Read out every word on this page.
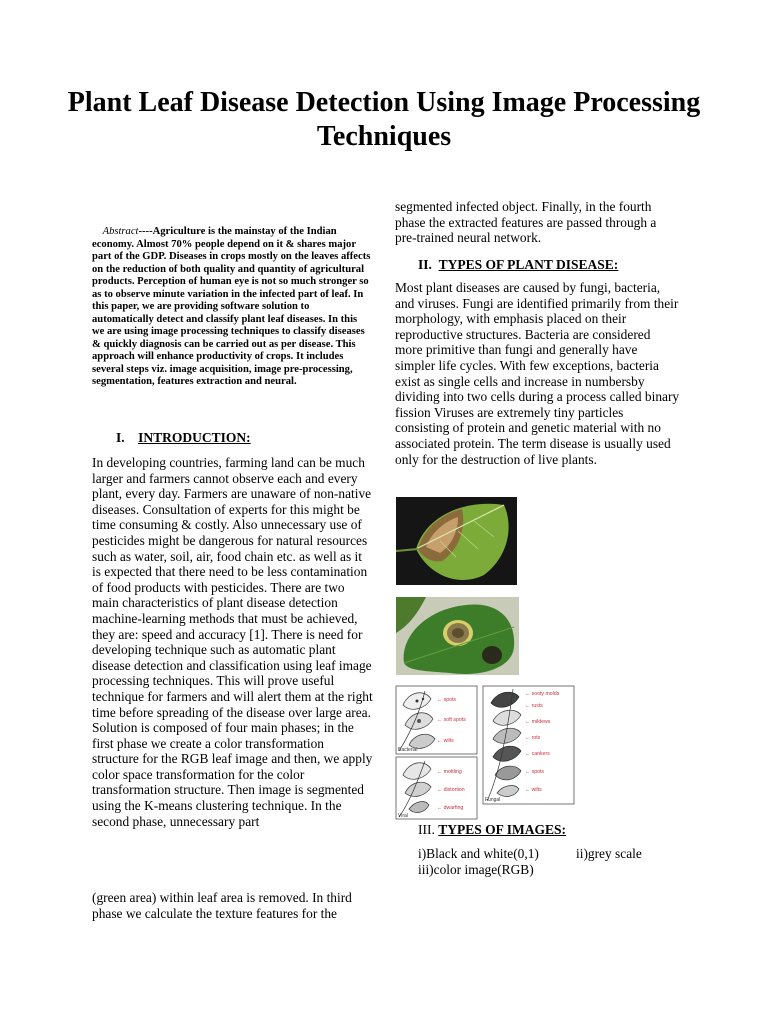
Plant Leaf Disease Detection Using Image Processing Techniques

Abstract----Agriculture is the mainstay of the Indian economy. Almost 70% people depend on it & shares major part of the GDP. Diseases in crops mostly on the leaves affects on the reduction of both quality and quantity of agricultural products. Perception of human eye is not so much stronger so as to observe minute variation in the infected part of leaf. In this paper, we are providing software solution to automatically detect and classify plant leaf diseases. In this we are using image processing techniques to classify diseases & quickly diagnosis can be carried out as per disease. This approach will enhance productivity of crops. It includes several steps viz. image acquisition, image pre-processing, segmentation, features extraction and neural.

I. INTRODUCTION:

In developing countries, farming land can be much larger and farmers cannot observe each and every plant, every day. Farmers are unaware of non-native diseases. Consultation of experts for this might be time consuming & costly. Also unnecessary use of pesticides might be dangerous for natural resources such as water, soil, air, food chain etc. as well as it is expected that there need to be less contamination of food products with pesticides. There are two main characteristics of plant disease detection machine-learning methods that must be achieved, they are: speed and accuracy [1]. There is need for developing technique such as automatic plant disease detection and classification using leaf image processing techniques. This will prove useful technique for farmers and will alert them at the right time before spreading of the disease over large area. Solution is composed of four main phases; in the first phase we create a color transformation structure for the RGB leaf image and then, we apply color space transformation for the color transformation structure. Then image is segmented using the K-means clustering technique. In the second phase, unnecessary part

(green area) within leaf area is removed. In third phase we calculate the texture features for the

segmented infected object. Finally, in the fourth phase the extracted features are passed through a pre-trained neural network.

II. TYPES OF PLANT DISEASE:

Most plant diseases are caused by fungi, bacteria, and viruses. Fungi are identified primarily from their morphology, with emphasis placed on their reproductive structures. Bacteria are considered more primitive than fungi and generally have simpler life cycles. With few exceptions, bacteria exist as single cells and increase in numbersby dividing into two cells during a process called binary fission Viruses are extremely tiny particles consisting of protein and genetic material with no associated protein. The term disease is usually used only for the destruction of live plants.

Bacterial
← spots
← soft spots
← wilts
Viral
← mottling
← distortion
← dwarfing
Fungal
← sooty molds
← rusts
← mildews
← rots
← cankers
← spots
← wilts
III. TYPES OF IMAGES:
i)Black and white(0,1)	ii)grey scale
iii)color image(RGB)
